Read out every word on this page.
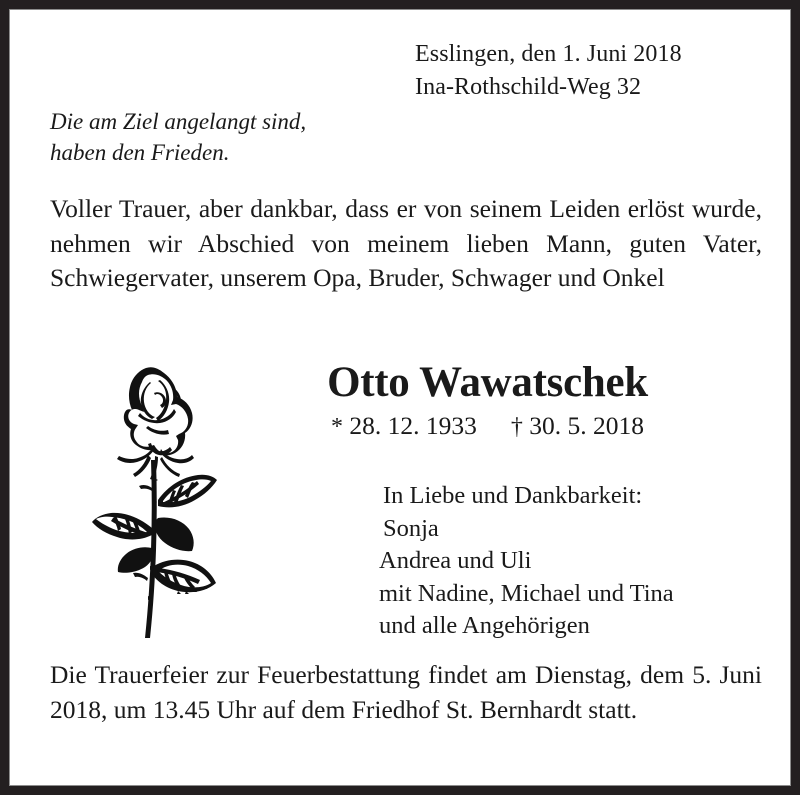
Esslingen, den 1. Juni 2018
Ina-Rothschild-Weg 32
Die am Ziel angelangt sind,
haben den Frieden.
Voller Trauer, aber dankbar, dass er von seinem Leiden erlöst wurde, nehmen wir Abschied von meinem lieben Mann, guten Vater, Schwiegervater, unserem Opa, Bruder, Schwager und Onkel
Otto Wawatschek
* 28. 12. 1933 † 30. 5. 2018
In Liebe und Dankbarkeit:
Sonja
Andrea und Uli
mit Nadine, Michael und Tina
und alle Angehörigen
Die Trauerfeier zur Feuerbestattung findet am Dienstag, dem 5. Juni 2018, um 13.45 Uhr auf dem Friedhof St. Bernhardt statt.
